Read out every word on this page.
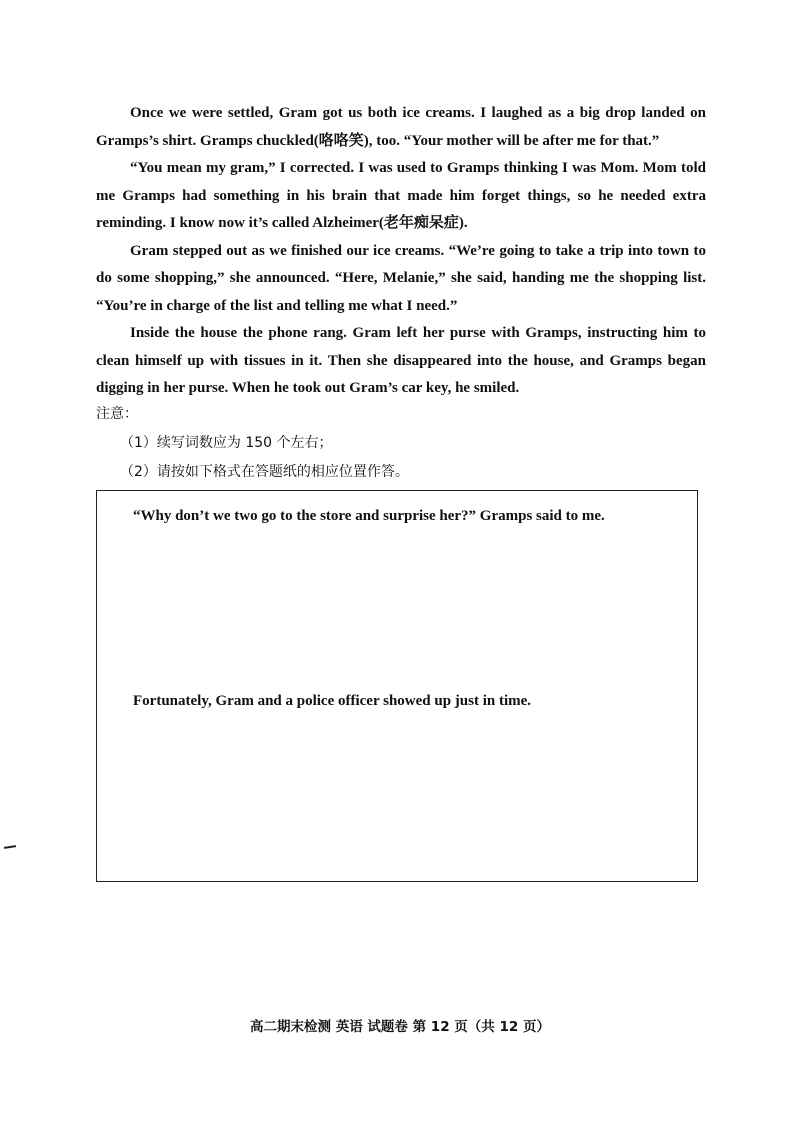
Once we were settled, Gram got us both ice creams. I laughed as a big drop landed on Gramps’s shirt. Gramps chuckled(咯咯笑), too. “Your mother will be after me for that.”

“You mean my gram,” I corrected. I was used to Gramps thinking I was Mom. Mom told me Gramps had something in his brain that made him forget things, so he needed extra reminding. I know now it’s called Alzheimer(老年痴呆症).

Gram stepped out as we finished our ice creams. “We’re going to take a trip into town to do some shopping,” she announced. “Here, Melanie,” she said, handing me the shopping list. “You’re in charge of the list and telling me what I need.”

Inside the house the phone rang. Gram left her purse with Gramps, instructing him to clean himself up with tissues in it. Then she disappeared into the house, and Gramps began digging in her purse. When he took out Gram’s car key, he smiled.

注意：

（1）续写词数应为 150 个左右；

（2）请按如下格式在答题纸的相应位置作答。

“Why don’t we two go to the store and surprise her?” Gramps said to me.
Fortunately, Gram and a police officer showed up just in time.
高二期末检测 英语 试题卷 第 12 页（共 12 页）
